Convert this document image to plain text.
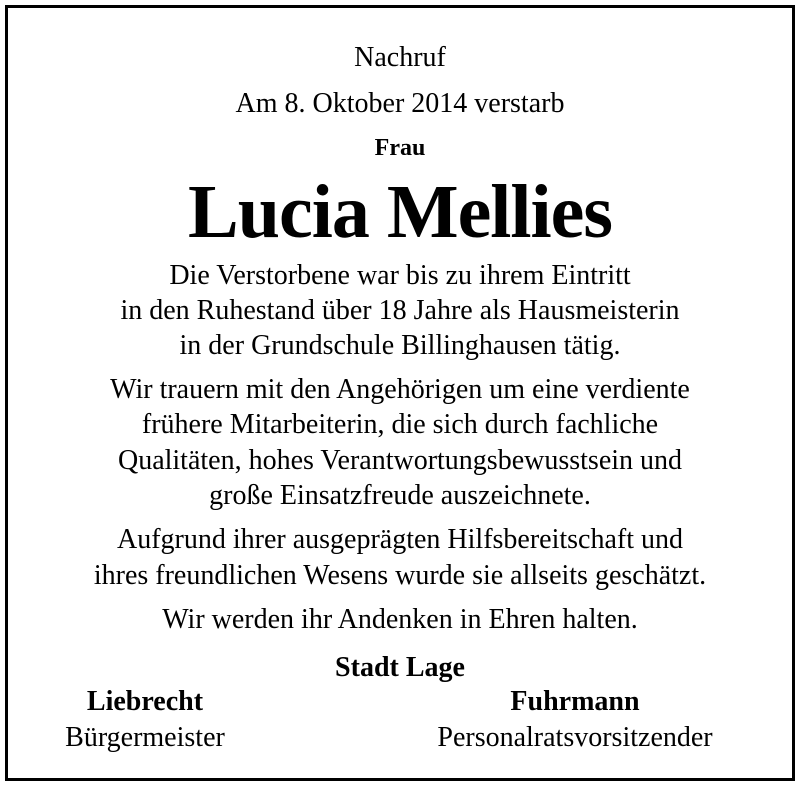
Nachruf
Am 8. Oktober 2014 verstarb
Frau
Lucia Mellies
Die Verstorbene war bis zu ihrem Eintritt
in den Ruhestand über 18 Jahre als Hausmeisterin
in der Grundschule Billinghausen tätig.
Wir trauern mit den Angehörigen um eine verdiente
frühere Mitarbeiterin, die sich durch fachliche
Qualitäten, hohes Verantwortungsbewusstsein und
große Einsatzfreude auszeichnete.
Aufgrund ihrer ausgeprägten Hilfsbereitschaft und
ihres freundlichen Wesens wurde sie allseits geschätzt.
Wir werden ihr Andenken in Ehren halten.
Stadt Lage
Liebrecht
Bürgermeister
Fuhrmann
Personalratsvorsitzender
